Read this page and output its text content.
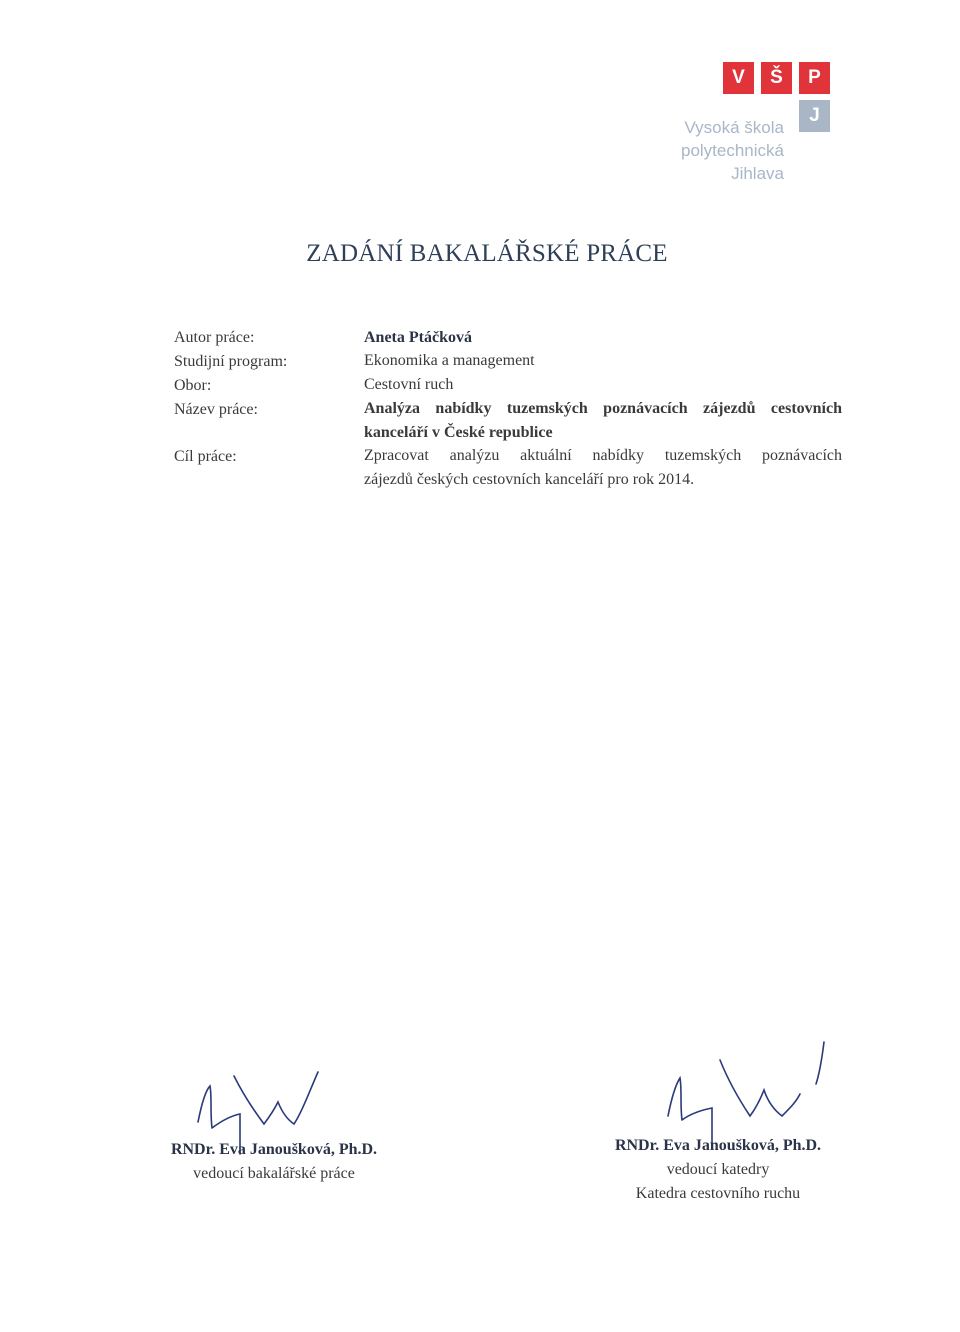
V	Š	P
J
Vysoká škola
polytechnická
Jihlava
ZADÁNÍ BAKALÁŘSKÉ PRÁCE
Autor práce:	Aneta Ptáčková
Studijní program:	Ekonomika a management
Obor:	Cestovní ruch
Název práce:	Analýza nabídky tuzemských poznávacích zájezdů cestovních
kanceláří v České republice
Cíl práce:	Zpracovat analýzu aktuální nabídky tuzemských poznávacích
zájezdů českých cestovních kanceláří pro rok 2014.
RNDr. Eva Janoušková, Ph.D.
vedoucí bakalářské práce
RNDr. Eva Janoušková, Ph.D.
vedoucí katedry
Katedra cestovního ruchu
